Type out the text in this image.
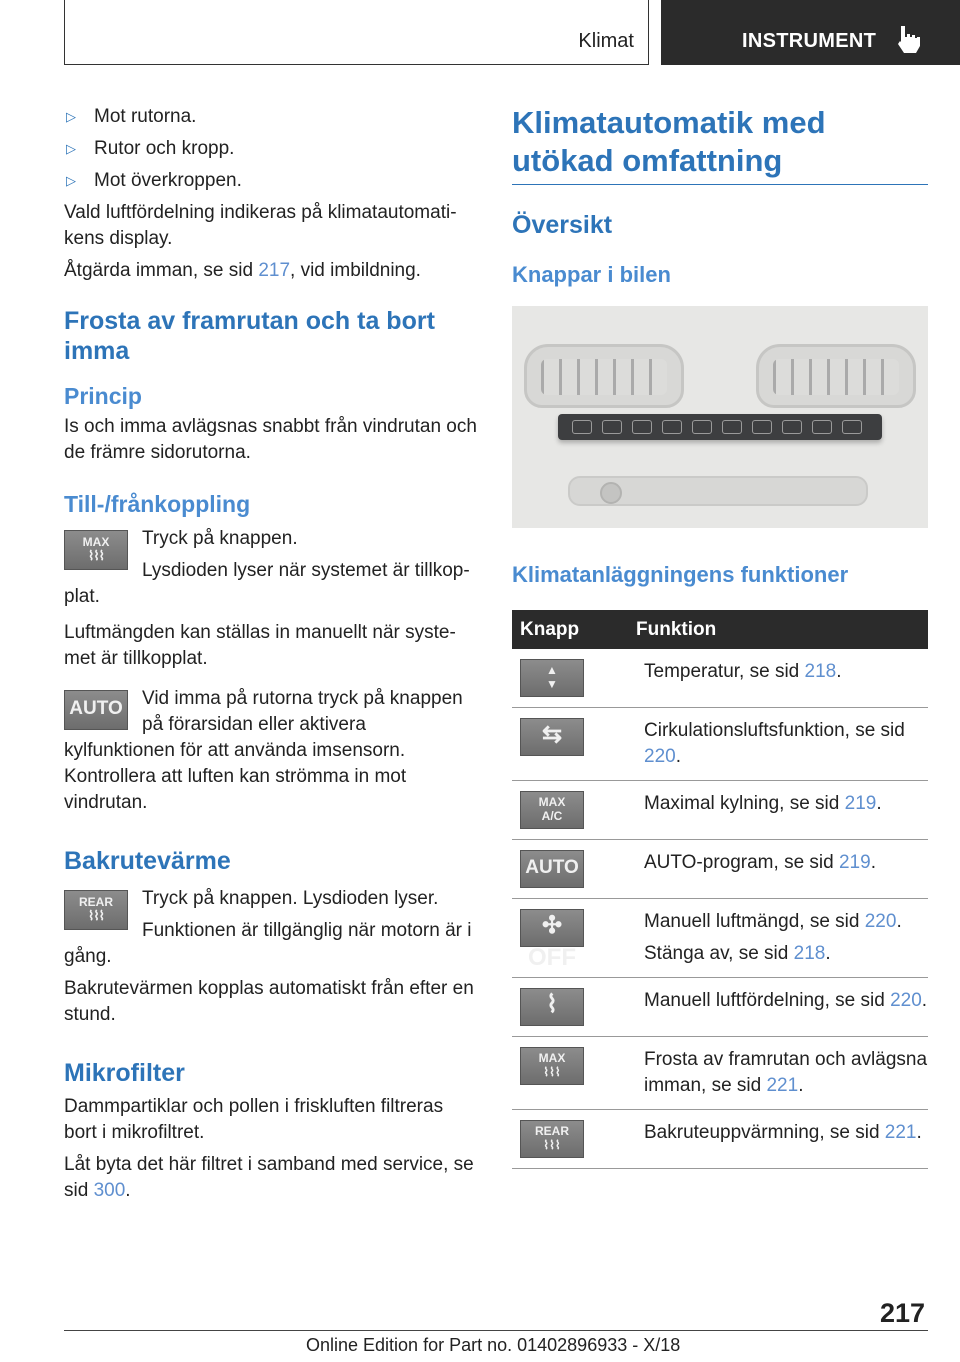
Klimat	INSTRUMENT
▷ Mot rutorna.
▷ Rutor och kropp.
▷ Mot överkroppen.

Vald luftfördelning indikeras på klimatautomatikens display.

Åtgärda imman, se sid 217, vid imbildning.

Frosta av framrutan och ta bort imma
Princip

Is och imma avlägsnas snabbt från vindrutan och de främre sidorutorna.

Till-/frånkoppling
MAX
⌇⌇⌇

Tryck på knappen.

Lysdioden lyser när systemet är tillkopplat.

Luftmängden kan ställas in manuellt när systemet är tillkopplat.

AUTO	Vid imma på rutorna tryck på knappen på förarsidan eller aktivera kylfunktionen för att använda imsensorn. Kontrollera att luften kan strömma in mot vindrutan.

Bakrutevärme
REAR
⌇⌇⌇

Tryck på knappen. Lysdioden lyser.

Funktionen är tillgänglig när motorn är i gång.

Bakrutevärmen kopplas automatiskt från efter en stund.

Mikrofilter

Dammpartiklar och pollen i friskluften filtreras bort i mikrofiltret.

Låt byta det här filtret i samband med service, se sid 300.

Klimatautomatik med utökad omfattning
Översikt
Knappar i bilen
Klimatanläggningens funktioner
Knapp	Funktion

▲
▼	Temperatur, se sid 218.

⇆	Cirkulationsluftsfunktion, se sid 220.

MAX
A/C	Maximal kylning, se sid 219.

AUTO	AUTO-program, se sid 219.

✣ OFF	Manuell luftmängd, se sid 220.

Stänga av, se sid 218.

⌇	Manuell luftfördelning, se sid 220.

MAX
⌇⌇⌇	Frosta av framrutan och avlägsna imman, se sid 221.

REAR
⌇⌇⌇	Bakruteuppvärmning, se sid 221.

217
Online Edition for Part no. 01402896933 - X/18
